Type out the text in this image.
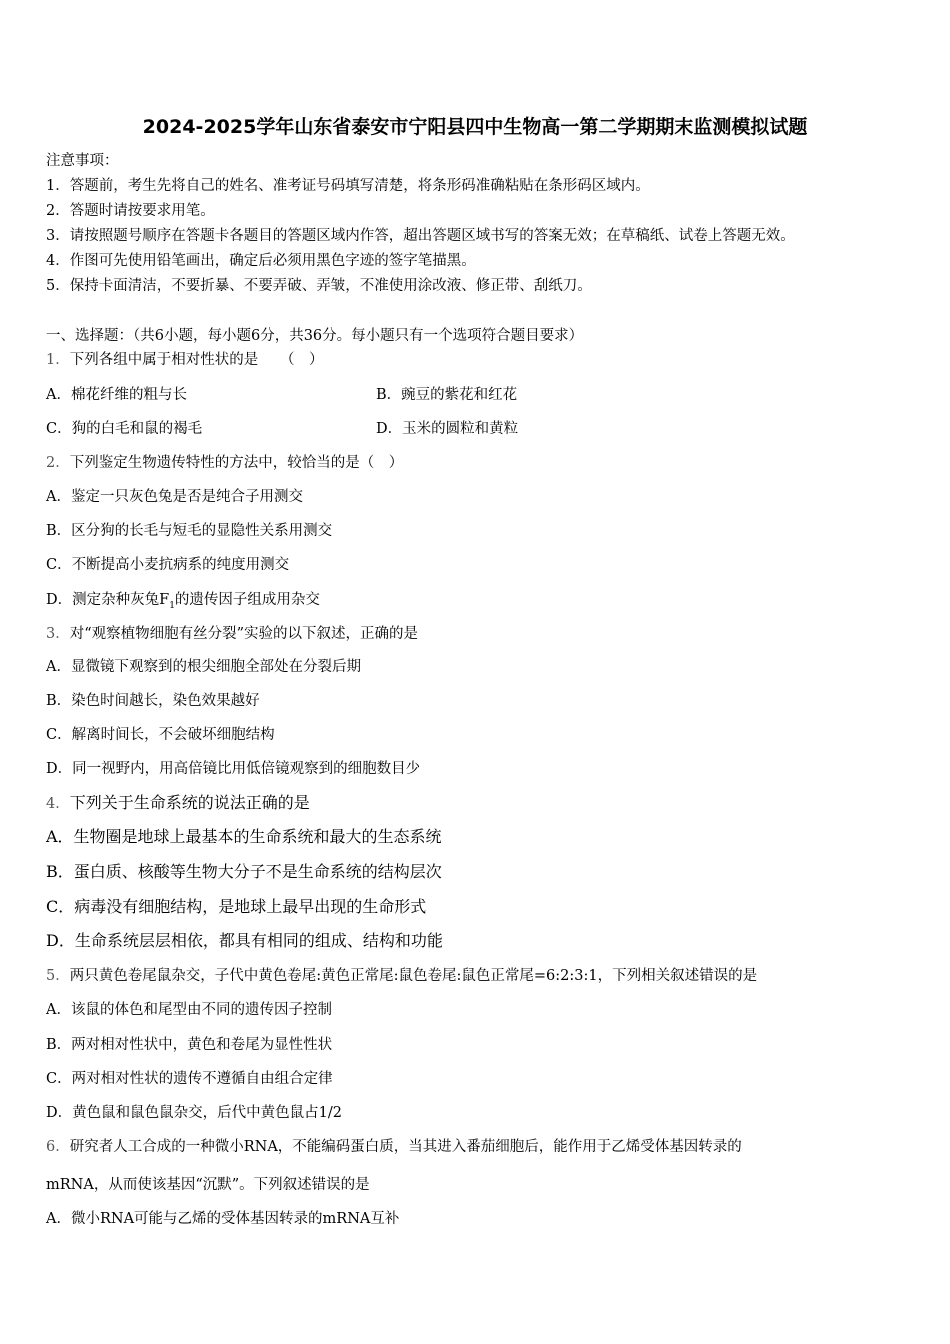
2024-2025学年山东省泰安市宁阳县四中生物高一第二学期期末监测模拟试题
注意事项：
1．答题前，考生先将自己的姓名、准考证号码填写清楚，将条形码准确粘贴在条形码区域内。
2．答题时请按要求用笔。
3．请按照题号顺序在答题卡各题目的答题区域内作答，超出答题区域书写的答案无效；在草稿纸、试卷上答题无效。
4．作图可先使用铅笔画出，确定后必须用黑色字迹的签字笔描黑。
5．保持卡面清洁，不要折暴、不要弄破、弄皱，不准使用涂改液、修正带、刮纸刀。
一、选择题：（共6小题，每小题6分，共36分。每小题只有一个选项符合题目要求）
1．下列各组中属于相对性状的是　　（　）
A．棉花纤维的粗与长	B．豌豆的紫花和红花
C．狗的白毛和鼠的褐毛	D．玉米的圆粒和黄粒
2．下列鉴定生物遗传特性的方法中，较恰当的是（　）
A．鉴定一只灰色兔是否是纯合子用测交
B．区分狗的长毛与短毛的显隐性关系用测交
C．不断提高小麦抗病系的纯度用测交
D．测定杂种灰兔$F_1$的遗传因子组成用杂交
3．对“观察植物细胞有丝分裂”实验的以下叙述，正确的是
A．显微镜下观察到的根尖细胞全部处在分裂后期
B．染色时间越长，染色效果越好
C．解离时间长，不会破坏细胞结构
D．同一视野内，用高倍镜比用低倍镜观察到的细胞数目少
4．下列关于生命系统的说法正确的是
A．生物圈是地球上最基本的生命系统和最大的生态系统
B．蛋白质、核酸等生物大分子不是生命系统的结构层次
C．病毒没有细胞结构，是地球上最早出现的生命形式
D．生命系统层层相依，都具有相同的组成、结构和功能
5．两只黄色卷尾鼠杂交，子代中黄色卷尾:黄色正常尾:鼠色卷尾:鼠色正常尾=6:2:3:1，下列相关叙述错误的是
A．该鼠的体色和尾型由不同的遗传因子控制
B．两对相对性状中，黄色和卷尾为显性性状
C．两对相对性状的遗传不遵循自由组合定律
D．黄色鼠和鼠色鼠杂交，后代中黄色鼠占1/2
6．研究者人工合成的一种微小RNA，不能编码蛋白质，当其进入番茄细胞后，能作用于乙烯受体基因转录的
mRNA，从而使该基因“沉默”。下列叙述错误的是
A．微小RNA可能与乙烯的受体基因转录的mRNA互补
